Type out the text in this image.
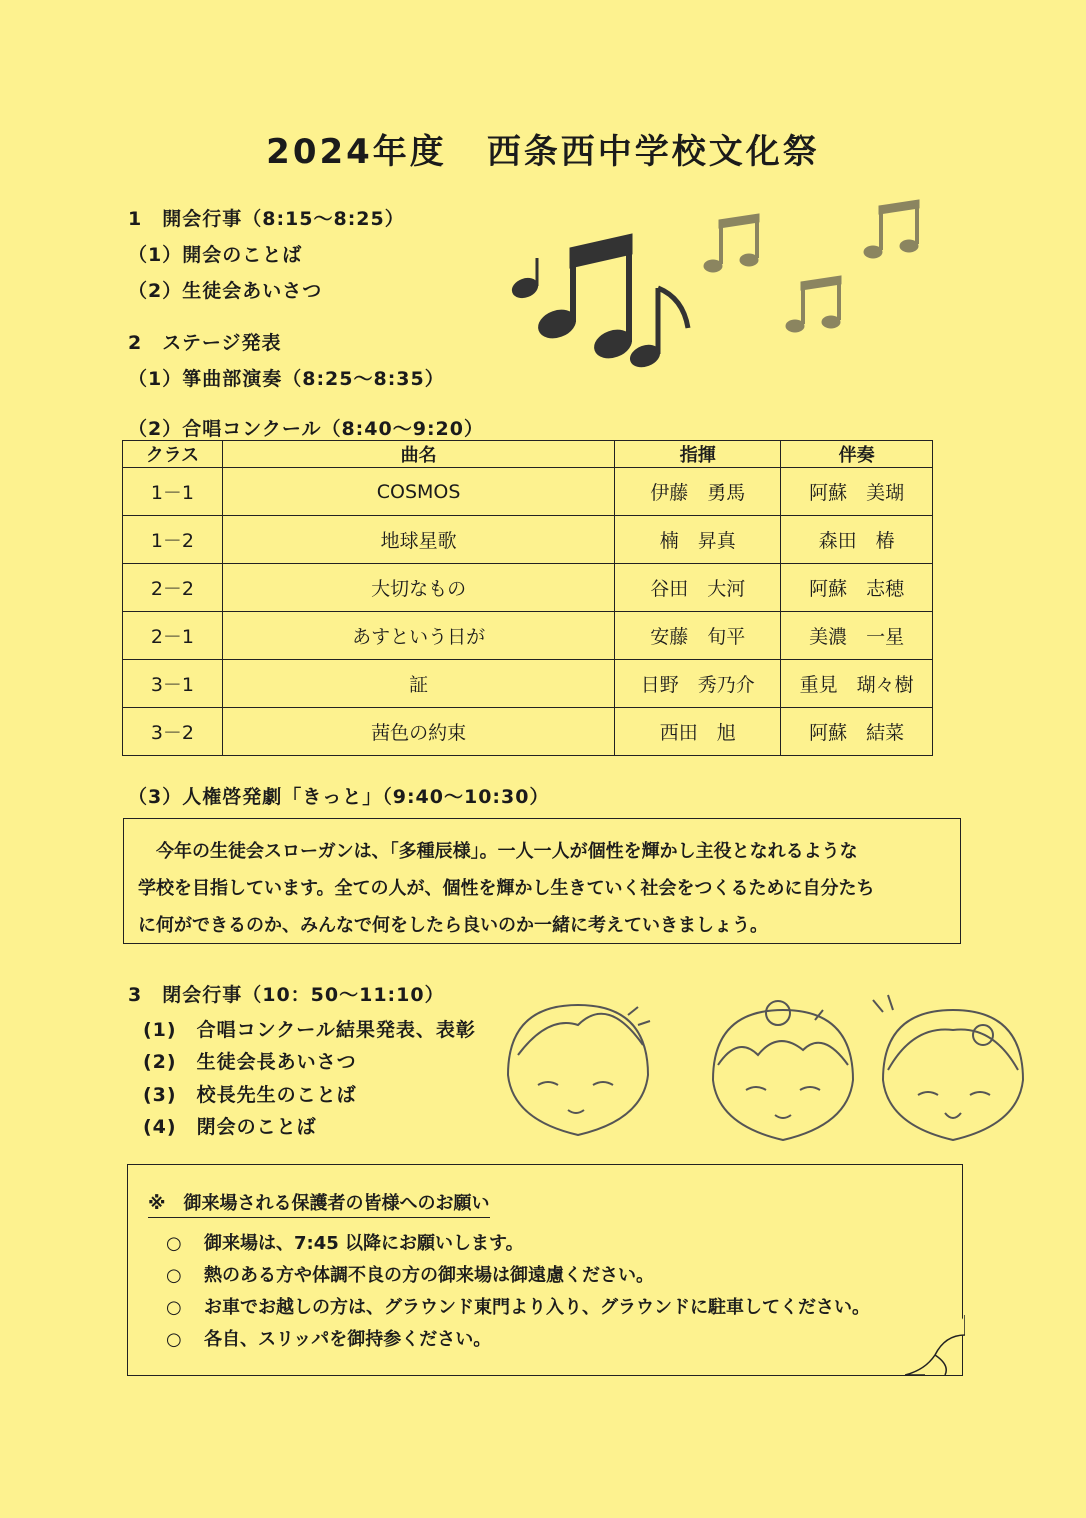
2024年度 西条西中学校文化祭
1　開会行事（8:15～8:25）
（1）開会のことば
（2）生徒会あいさつ
2　ステージ発表
（1）箏曲部演奏（8:25～8:35）
（2）合唱コンクール（8:40～9:20）
クラス	曲名	指揮	伴奏
1－1	COSMOS	伊藤　勇馬	阿蘇　美瑚
1－2	地球星歌	楠　昇真	森田　椿
2－2	大切なもの	谷田　大河	阿蘇　志穂
2－1	あすという日が	安藤　旬平	美濃　一星
3－1	証	日野　秀乃介	重見　瑚々樹
3－2	茜色の約束	西田　旭	阿蘇　結菜
（3）人権啓発劇「きっと」（9:40～10:30）

今年の生徒会スローガンは、「多種辰様」。一人一人が個性を輝かし主役となれるような

学校を目指しています。全ての人が、個性を輝かし生きていく社会をつくるために自分たち

に何ができるのか、みんなで何をしたら良いのか一緒に考えていきましょう。

3　閉会行事（10：50～11:10）
(1)　合唱コンクール結果発表、表彰
(2)　生徒会長あいさつ
(3)　校長先生のことば
(4)　閉会のことば
※　御来場される保護者の皆様へのお願い
○ 御来場は、7:45 以降にお願いします。
○ 熱のある方や体調不良の方の御来場は御遠慮ください。
○ お車でお越しの方は、グラウンド東門より入り、グラウンドに駐車してください。
○ 各自、スリッパを御持参ください。
